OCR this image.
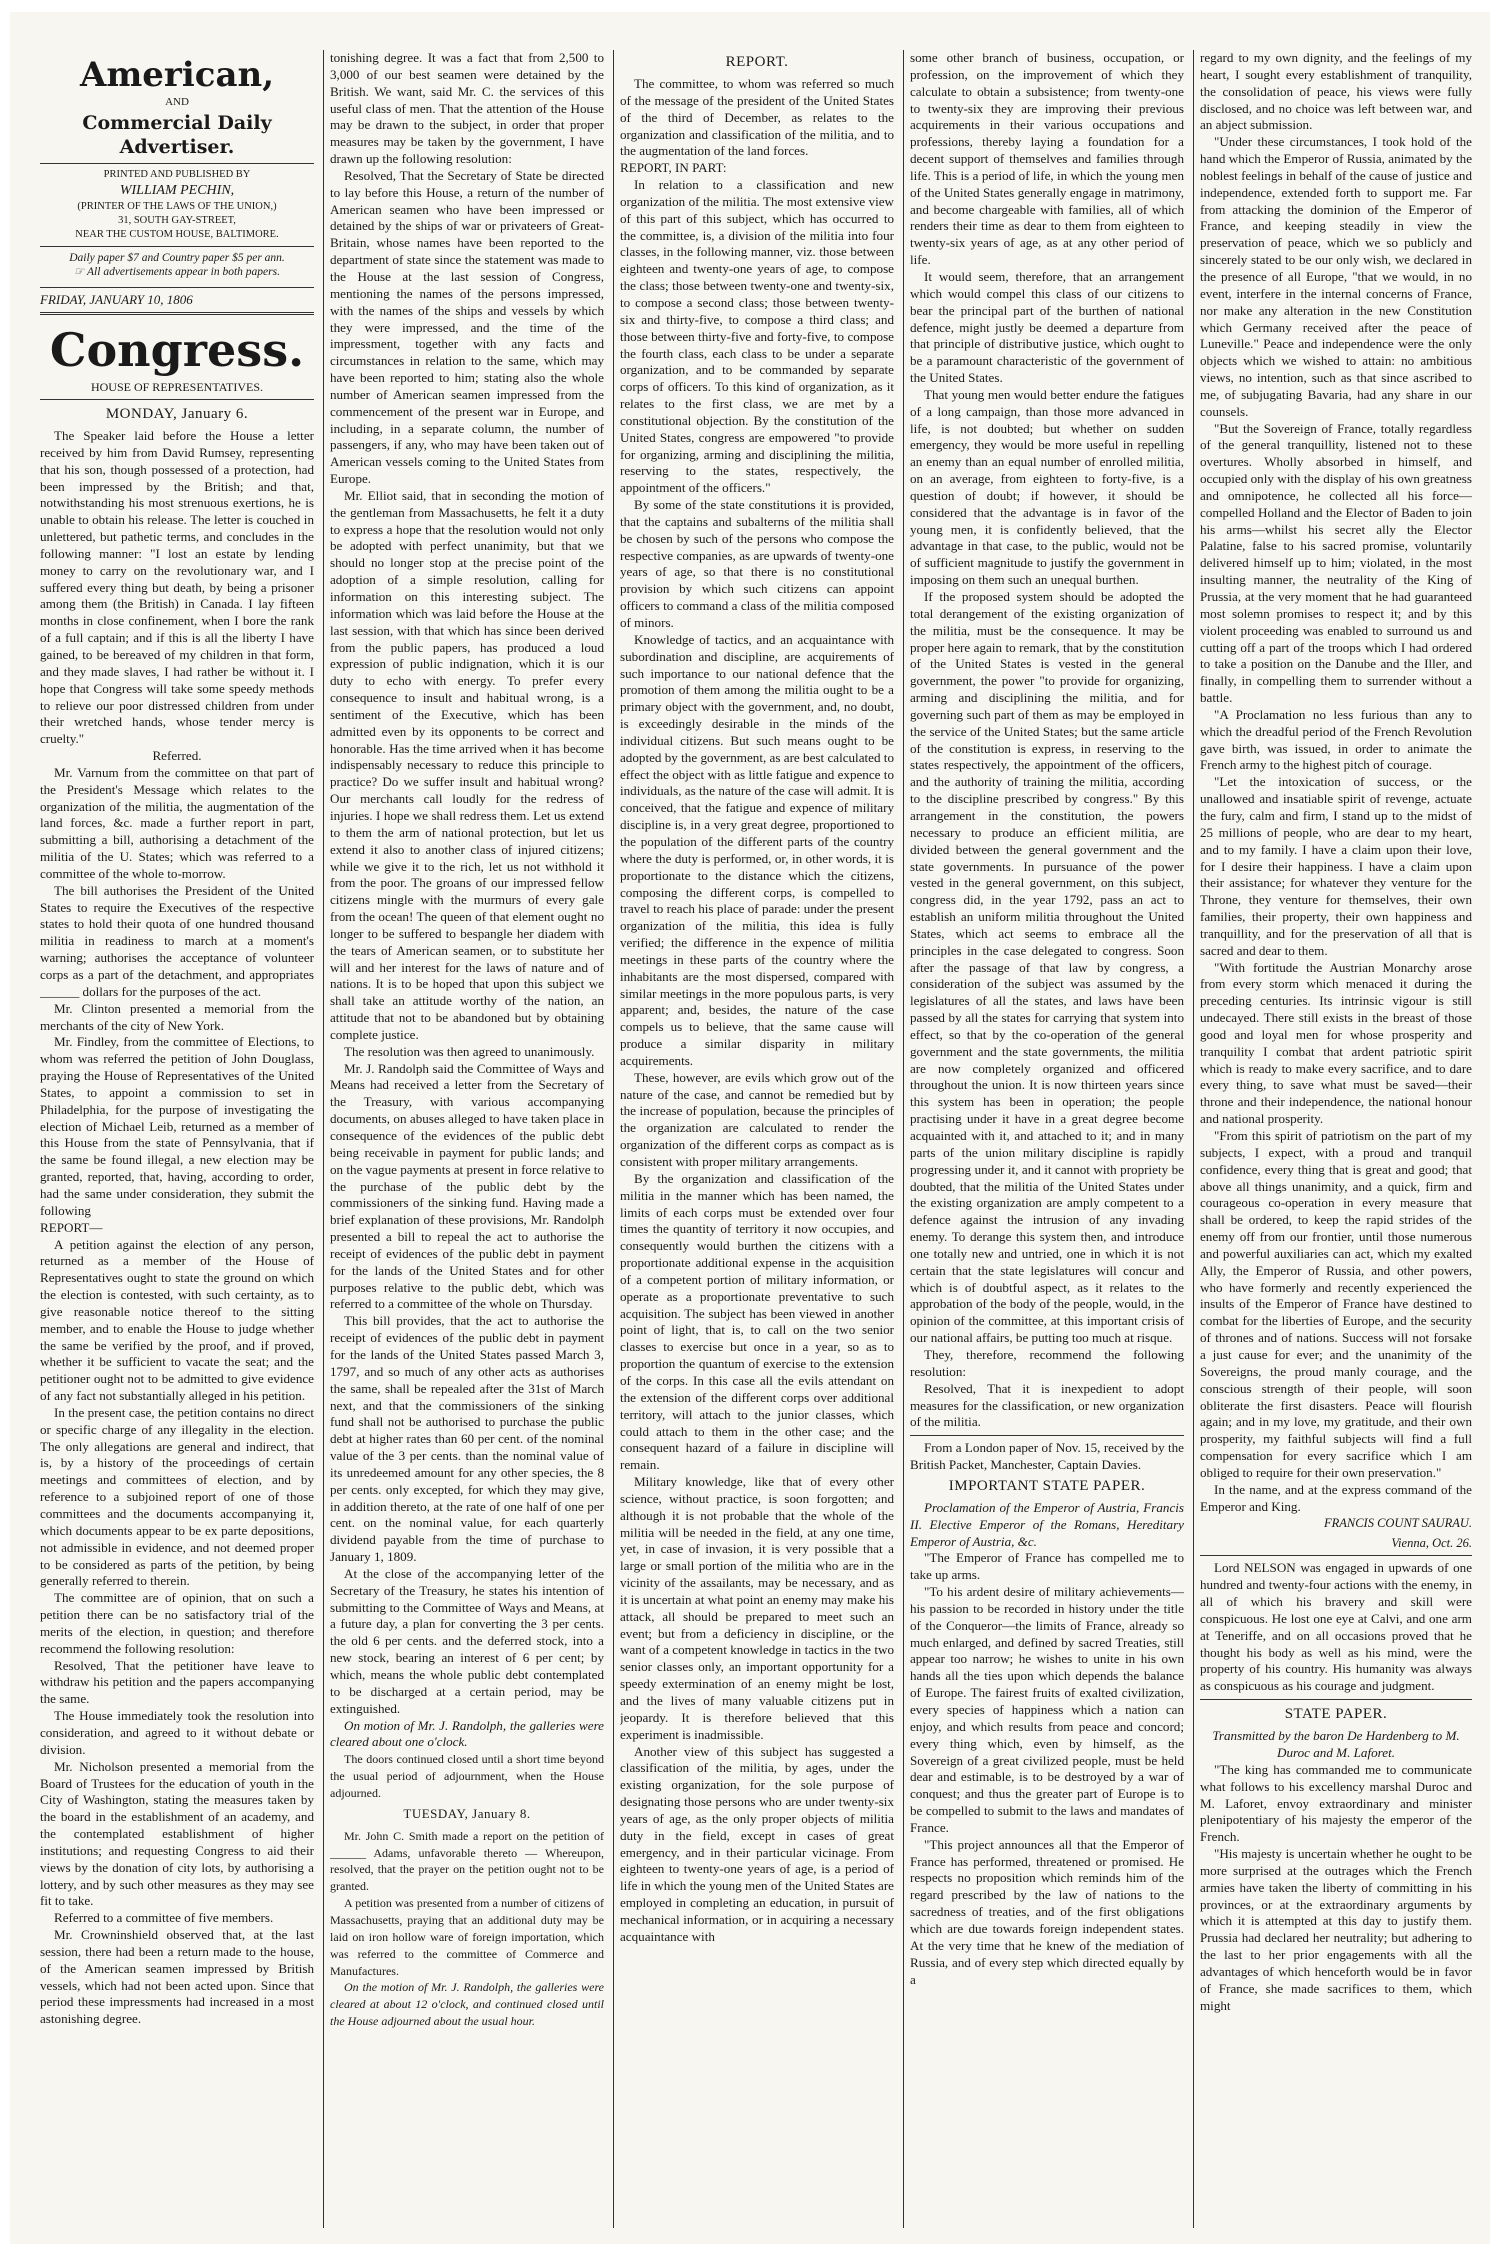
American,

AND

Commercial Daily Advertiser.

PRINTED AND PUBLISHED BY

WILLIAM PECHIN,

(PRINTER OF THE LAWS OF THE UNION,)

31, SOUTH GAY-STREET,

NEAR THE CUSTOM HOUSE, BALTIMORE.

Daily paper $7 and Country paper $5 per ann.

☞ All advertisements appear in both papers.

FRIDAY, JANUARY 10, 1806

Congress.

HOUSE OF REPRESENTATIVES.

MONDAY, January 6.

The Speaker laid before the House a letter received by him from David Rumsey, representing that his son, though possessed of a protection, had been impressed by the British; and that, notwithstanding his most strenuous exertions, he is unable to obtain his release. The letter is couched in unlettered, but pathetic terms, and concludes in the following manner: "I lost an estate by lending money to carry on the revolutionary war, and I suffered every thing but death, by being a prisoner among them (the British) in Canada. I lay fifteen months in close confinement, when I bore the rank of a full captain; and if this is all the liberty I have gained, to be bereaved of my children in that form, and they made slaves, I had rather be without it. I hope that Congress will take some speedy methods to relieve our poor distressed children from under their wretched hands, whose tender mercy is cruelty."

Referred.

Mr. Varnum from the committee on that part of the President's Message which relates to the organization of the militia, the augmentation of the land forces, &c. made a further report in part, submitting a bill, authorising a detachment of the militia of the U. States; which was referred to a committee of the whole to-morrow.

The bill authorises the President of the United States to require the Executives of the respective states to hold their quota of one hundred thousand militia in readiness to march at a moment's warning; authorises the acceptance of volunteer corps as a part of the detachment, and appropriates ______ dollars for the purposes of the act.

Mr. Clinton presented a memorial from the merchants of the city of New York.

Mr. Findley, from the committee of Elections, to whom was referred the petition of John Douglass, praying the House of Representatives of the United States, to appoint a commission to set in Philadelphia, for the purpose of investigating the election of Michael Leib, returned as a member of this House from the state of Pennsylvania, that if the same be found illegal, a new election may be granted, reported, that, having, according to order, had the same under consideration, they submit the following

REPORT—

A petition against the election of any person, returned as a member of the House of Representatives ought to state the ground on which the election is contested, with such certainty, as to give reasonable notice thereof to the sitting member, and to enable the House to judge whether the same be verified by the proof, and if proved, whether it be sufficient to vacate the seat; and the petitioner ought not to be admitted to give evidence of any fact not substantially alleged in his petition.

In the present case, the petition contains no direct or specific charge of any illegality in the election. The only allegations are general and indirect, that is, by a history of the proceedings of certain meetings and committees of election, and by reference to a subjoined report of one of those committees and the documents accompanying it, which documents appear to be ex parte depositions, not admissible in evidence, and not deemed proper to be considered as parts of the petition, by being generally referred to therein.

The committee are of opinion, that on such a petition there can be no satisfactory trial of the merits of the election, in question; and therefore recommend the following resolution:

Resolved, That the petitioner have leave to withdraw his petition and the papers accompanying the same.

The House immediately took the resolution into consideration, and agreed to it without debate or division.

Mr. Nicholson presented a memorial from the Board of Trustees for the education of youth in the City of Washington, stating the measures taken by the board in the establishment of an academy, and the contemplated establishment of higher institutions; and requesting Congress to aid their views by the donation of city lots, by authorising a lottery, and by such other measures as they may see fit to take.

Referred to a committee of five members.

Mr. Crowninshield observed that, at the last session, there had been a return made to the house, of the American seamen impressed by British vessels, which had not been acted upon. Since that period these impressments had increased in a most astonishing degree.

tonishing degree. It was a fact that from 2,500 to 3,000 of our best seamen were detained by the British. We want, said Mr. C. the services of this useful class of men. That the attention of the House may be drawn to the subject, in order that proper measures may be taken by the government, I have drawn up the following resolution:

Resolved, That the Secretary of State be directed to lay before this House, a return of the number of American seamen who have been impressed or detained by the ships of war or privateers of Great-Britain, whose names have been reported to the department of state since the statement was made to the House at the last session of Congress, mentioning the names of the persons impressed, with the names of the ships and vessels by which they were impressed, and the time of the impressment, together with any facts and circumstances in relation to the same, which may have been reported to him; stating also the whole number of American seamen impressed from the commencement of the present war in Europe, and including, in a separate column, the number of passengers, if any, who may have been taken out of American vessels coming to the United States from Europe.

Mr. Elliot said, that in seconding the motion of the gentleman from Massachusetts, he felt it a duty to express a hope that the resolution would not only be adopted with perfect unanimity, but that we should no longer stop at the precise point of the adoption of a simple resolution, calling for information on this interesting subject. The information which was laid before the House at the last session, with that which has since been derived from the public papers, has produced a loud expression of public indignation, which it is our duty to echo with energy. To prefer every consequence to insult and habitual wrong, is a sentiment of the Executive, which has been admitted even by its opponents to be correct and honorable. Has the time arrived when it has become indispensably necessary to reduce this principle to practice? Do we suffer insult and habitual wrong? Our merchants call loudly for the redress of injuries. I hope we shall redress them. Let us extend to them the arm of national protection, but let us extend it also to another class of injured citizens; while we give it to the rich, let us not withhold it from the poor. The groans of our impressed fellow citizens mingle with the murmurs of every gale from the ocean! The queen of that element ought no longer to be suffered to bespangle her diadem with the tears of American seamen, or to substitute her will and her interest for the laws of nature and of nations. It is to be hoped that upon this subject we shall take an attitude worthy of the nation, an attitude that not to be abandoned but by obtaining complete justice.

The resolution was then agreed to unanimously.

Mr. J. Randolph said the Committee of Ways and Means had received a letter from the Secretary of the Treasury, with various accompanying documents, on abuses alleged to have taken place in consequence of the evidences of the public debt being receivable in payment for public lands; and on the vague payments at present in force relative to the purchase of the public debt by the commissioners of the sinking fund. Having made a brief explanation of these provisions, Mr. Randolph presented a bill to repeal the act to authorise the receipt of evidences of the public debt in payment for the lands of the United States and for other purposes relative to the public debt, which was referred to a committee of the whole on Thursday.

This bill provides, that the act to authorise the receipt of evidences of the public debt in payment for the lands of the United States passed March 3, 1797, and so much of any other acts as authorises the same, shall be repealed after the 31st of March next, and that the commissioners of the sinking fund shall not be authorised to purchase the public debt at higher rates than 60 per cent. of the nominal value of the 3 per cents. than the nominal value of its unredeemed amount for any other species, the 8 per cents. only excepted, for which they may give, in addition thereto, at the rate of one half of one per cent. on the nominal value, for each quarterly dividend payable from the time of purchase to January 1, 1809.

At the close of the accompanying letter of the Secretary of the Treasury, he states his intention of submitting to the Committee of Ways and Means, at a future day, a plan for converting the 3 per cents. the old 6 per cents. and the deferred stock, into a new stock, bearing an interest of 6 per cent; by which, means the whole public debt contemplated to be discharged at a certain period, may be extinguished.

On motion of Mr. J. Randolph, the galleries were cleared about one o'clock.

The doors continued closed until a short time beyond the usual period of adjournment, when the House adjourned.

TUESDAY, January 8.

Mr. John C. Smith made a report on the petition of ______ Adams, unfavorable thereto — Whereupon, resolved, that the prayer on the petition ought not to be granted.

A petition was presented from a number of citizens of Massachusetts, praying that an additional duty may be laid on iron hollow ware of foreign importation, which was referred to the committee of Commerce and Manufactures.

On the motion of Mr. J. Randolph, the galleries were cleared at about 12 o'clock, and continued closed until the House adjourned about the usual hour.

REPORT.

The committee, to whom was referred so much of the message of the president of the United States of the third of December, as relates to the organization and classification of the militia, and to the augmentation of the land forces.

REPORT, IN PART:

In relation to a classification and new organization of the militia. The most extensive view of this part of this subject, which has occurred to the committee, is, a division of the militia into four classes, in the following manner, viz. those between eighteen and twenty-one years of age, to compose the class; those between twenty-one and twenty-six, to compose a second class; those between twenty-six and thirty-five, to compose a third class; and those between thirty-five and forty-five, to compose the fourth class, each class to be under a separate organization, and to be commanded by separate corps of officers. To this kind of organization, as it relates to the first class, we are met by a constitutional objection. By the constitution of the United States, congress are empowered "to provide for organizing, arming and disciplining the militia, reserving to the states, respectively, the appointment of the officers."

By some of the state constitutions it is provided, that the captains and subalterns of the militia shall be chosen by such of the persons who compose the respective companies, as are upwards of twenty-one years of age, so that there is no constitutional provision by which such citizens can appoint officers to command a class of the militia composed of minors.

Knowledge of tactics, and an acquaintance with subordination and discipline, are acquirements of such importance to our national defence that the promotion of them among the militia ought to be a primary object with the government, and, no doubt, is exceedingly desirable in the minds of the individual citizens. But such means ought to be adopted by the government, as are best calculated to effect the object with as little fatigue and expence to individuals, as the nature of the case will admit. It is conceived, that the fatigue and expence of military discipline is, in a very great degree, proportioned to the population of the different parts of the country where the duty is performed, or, in other words, it is proportionate to the distance which the citizens, composing the different corps, is compelled to travel to reach his place of parade: under the present organization of the militia, this idea is fully verified; the difference in the expence of militia meetings in these parts of the country where the inhabitants are the most dispersed, compared with similar meetings in the more populous parts, is very apparent; and, besides, the nature of the case compels us to believe, that the same cause will produce a similar disparity in military acquirements.

These, however, are evils which grow out of the nature of the case, and cannot be remedied but by the increase of population, because the principles of the organization are calculated to render the organization of the different corps as compact as is consistent with proper military arrangements.

By the organization and classification of the militia in the manner which has been named, the limits of each corps must be extended over four times the quantity of territory it now occupies, and consequently would burthen the citizens with a proportionate additional expense in the acquisition of a competent portion of military information, or operate as a proportionate preventative to such acquisition. The subject has been viewed in another point of light, that is, to call on the two senior classes to exercise but once in a year, so as to proportion the quantum of exercise to the extension of the corps. In this case all the evils attendant on the extension of the different corps over additional territory, will attach to the junior classes, which could attach to them in the other case; and the consequent hazard of a failure in discipline will remain.

Military knowledge, like that of every other science, without practice, is soon forgotten; and although it is not probable that the whole of the militia will be needed in the field, at any one time, yet, in case of invasion, it is very possible that a large or small portion of the militia who are in the vicinity of the assailants, may be necessary, and as it is uncertain at what point an enemy may make his attack, all should be prepared to meet such an event; but from a deficiency in discipline, or the want of a competent knowledge in tactics in the two senior classes only, an important opportunity for a speedy extermination of an enemy might be lost, and the lives of many valuable citizens put in jeopardy. It is therefore believed that this experiment is inadmissible.

Another view of this subject has suggested a classification of the militia, by ages, under the existing organization, for the sole purpose of designating those persons who are under twenty-six years of age, as the only proper objects of militia duty in the field, except in cases of great emergency, and in their particular vicinage. From eighteen to twenty-one years of age, is a period of life in which the young men of the United States are employed in completing an education, in pursuit of mechanical information, or in acquiring a necessary acquaintance with

some other branch of business, occupation, or profession, on the improvement of which they calculate to obtain a subsistence; from twenty-one to twenty-six they are improving their previous acquirements in their various occupations and professions, thereby laying a foundation for a decent support of themselves and families through life. This is a period of life, in which the young men of the United States generally engage in matrimony, and become chargeable with families, all of which renders their time as dear to them from eighteen to twenty-six years of age, as at any other period of life.

It would seem, therefore, that an arrangement which would compel this class of our citizens to bear the principal part of the burthen of national defence, might justly be deemed a departure from that principle of distributive justice, which ought to be a paramount characteristic of the government of the United States.

That young men would better endure the fatigues of a long campaign, than those more advanced in life, is not doubted; but whether on sudden emergency, they would be more useful in repelling an enemy than an equal number of enrolled militia, on an average, from eighteen to forty-five, is a question of doubt; if however, it should be considered that the advantage is in favor of the young men, it is confidently believed, that the advantage in that case, to the public, would not be of sufficient magnitude to justify the government in imposing on them such an unequal burthen.

If the proposed system should be adopted the total derangement of the existing organization of the militia, must be the consequence. It may be proper here again to remark, that by the constitution of the United States is vested in the general government, the power "to provide for organizing, arming and disciplining the militia, and for governing such part of them as may be employed in the service of the United States; but the same article of the constitution is express, in reserving to the states respectively, the appointment of the officers, and the authority of training the militia, according to the discipline prescribed by congress." By this arrangement in the constitution, the powers necessary to produce an efficient militia, are divided between the general government and the state governments. In pursuance of the power vested in the general government, on this subject, congress did, in the year 1792, pass an act to establish an uniform militia throughout the United States, which act seems to embrace all the principles in the case delegated to congress. Soon after the passage of that law by congress, a consideration of the subject was assumed by the legislatures of all the states, and laws have been passed by all the states for carrying that system into effect, so that by the co-operation of the general government and the state governments, the militia are now completely organized and officered throughout the union. It is now thirteen years since this system has been in operation; the people practising under it have in a great degree become acquainted with it, and attached to it; and in many parts of the union military discipline is rapidly progressing under it, and it cannot with propriety be doubted, that the militia of the United States under the existing organization are amply competent to a defence against the intrusion of any invading enemy. To derange this system then, and introduce one totally new and untried, one in which it is not certain that the state legislatures will concur and which is of doubtful aspect, as it relates to the approbation of the body of the people, would, in the opinion of the committee, at this important crisis of our national affairs, be putting too much at risque.

They, therefore, recommend the following resolution:

Resolved, That it is inexpedient to adopt measures for the classification, or new organization of the militia.

From a London paper of Nov. 15, received by the British Packet, Manchester, Captain Davies.

IMPORTANT STATE PAPER.

Proclamation of the Emperor of Austria, Francis II. Elective Emperor of the Romans, Hereditary Emperor of Austria, &c.

"The Emperor of France has compelled me to take up arms.

"To his ardent desire of military achievements—his passion to be recorded in history under the title of the Conqueror—the limits of France, already so much enlarged, and defined by sacred Treaties, still appear too narrow; he wishes to unite in his own hands all the ties upon which depends the balance of Europe. The fairest fruits of exalted civilization, every species of happiness which a nation can enjoy, and which results from peace and concord; every thing which, even by himself, as the Sovereign of a great civilized people, must be held dear and estimable, is to be destroyed by a war of conquest; and thus the greater part of Europe is to be compelled to submit to the laws and mandates of France.

"This project announces all that the Emperor of France has performed, threatened or promised. He respects no proposition which reminds him of the regard prescribed by the law of nations to the sacredness of treaties, and of the first obligations which are due towards foreign independent states. At the very time that he knew of the mediation of Russia, and of every step which directed equally by a

regard to my own dignity, and the feelings of my heart, I sought every establishment of tranquility, the consolidation of peace, his views were fully disclosed, and no choice was left between war, and an abject submission.

"Under these circumstances, I took hold of the hand which the Emperor of Russia, animated by the noblest feelings in behalf of the cause of justice and independence, extended forth to support me. Far from attacking the dominion of the Emperor of France, and keeping steadily in view the preservation of peace, which we so publicly and sincerely stated to be our only wish, we declared in the presence of all Europe, "that we would, in no event, interfere in the internal concerns of France, nor make any alteration in the new Constitution which Germany received after the peace of Luneville." Peace and independence were the only objects which we wished to attain: no ambitious views, no intention, such as that since ascribed to me, of subjugating Bavaria, had any share in our counsels.

"But the Sovereign of France, totally regardless of the general tranquillity, listened not to these overtures. Wholly absorbed in himself, and occupied only with the display of his own greatness and omnipotence, he collected all his force—compelled Holland and the Elector of Baden to join his arms—whilst his secret ally the Elector Palatine, false to his sacred promise, voluntarily delivered himself up to him; violated, in the most insulting manner, the neutrality of the King of Prussia, at the very moment that he had guaranteed most solemn promises to respect it; and by this violent proceeding was enabled to surround us and cutting off a part of the troops which I had ordered to take a position on the Danube and the Iller, and finally, in compelling them to surrender without a battle.

"A Proclamation no less furious than any to which the dreadful period of the French Revolution gave birth, was issued, in order to animate the French army to the highest pitch of courage.

"Let the intoxication of success, or the unallowed and insatiable spirit of revenge, actuate the fury, calm and firm, I stand up to the midst of 25 millions of people, who are dear to my heart, and to my family. I have a claim upon their love, for I desire their happiness. I have a claim upon their assistance; for whatever they venture for the Throne, they venture for themselves, their own families, their property, their own happiness and tranquillity, and for the preservation of all that is sacred and dear to them.

"With fortitude the Austrian Monarchy arose from every storm which menaced it during the preceding centuries. Its intrinsic vigour is still undecayed. There still exists in the breast of those good and loyal men for whose prosperity and tranquility I combat that ardent patriotic spirit which is ready to make every sacrifice, and to dare every thing, to save what must be saved—their throne and their independence, the national honour and national prosperity.

"From this spirit of patriotism on the part of my subjects, I expect, with a proud and tranquil confidence, every thing that is great and good; that above all things unanimity, and a quick, firm and courageous co-operation in every measure that shall be ordered, to keep the rapid strides of the enemy off from our frontier, until those numerous and powerful auxiliaries can act, which my exalted Ally, the Emperor of Russia, and other powers, who have formerly and recently experienced the insults of the Emperor of France have destined to combat for the liberties of Europe, and the security of thrones and of nations. Success will not forsake a just cause for ever; and the unanimity of the Sovereigns, the proud manly courage, and the conscious strength of their people, will soon obliterate the first disasters. Peace will flourish again; and in my love, my gratitude, and their own prosperity, my faithful subjects will find a full compensation for every sacrifice which I am obliged to require for their own preservation."

In the name, and at the express command of the Emperor and King.

FRANCIS COUNT SAURAU.

Vienna, Oct. 26.

Lord NELSON was engaged in upwards of one hundred and twenty-four actions with the enemy, in all of which his bravery and skill were conspicuous. He lost one eye at Calvi, and one arm at Teneriffe, and on all occasions proved that he thought his body as well as his mind, were the property of his country. His humanity was always as conspicuous as his courage and judgment.

STATE PAPER.

Transmitted by the baron De Hardenberg to M. Duroc and M. Laforet.

"The king has commanded me to communicate what follows to his excellency marshal Duroc and M. Laforet, envoy extraordinary and minister plenipotentiary of his majesty the emperor of the French.

"His majesty is uncertain whether he ought to be more surprised at the outrages which the French armies have taken the liberty of committing in his provinces, or at the extraordinary arguments by which it is attempted at this day to justify them. Prussia had declared her neutrality; but adhering to the last to her prior engagements with all the advantages of which henceforth would be in favor of France, she made sacrifices to them, which might
